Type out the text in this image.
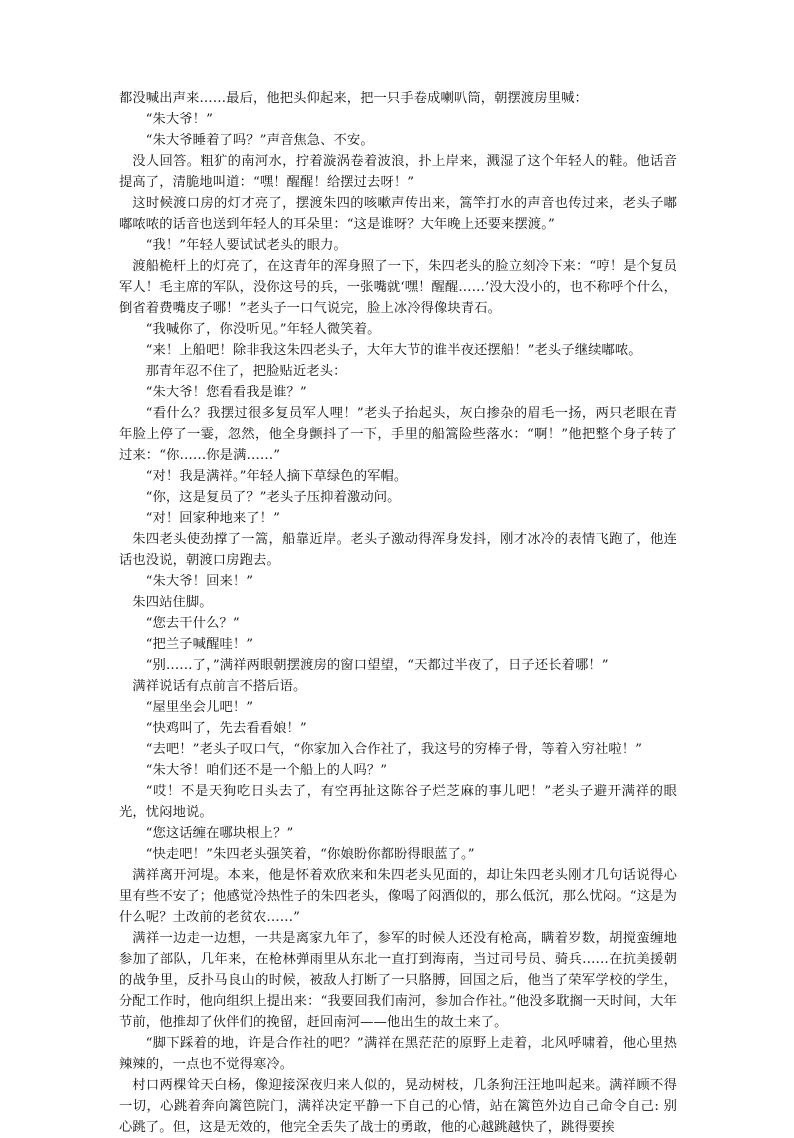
都没喊出声来……最后，他把头仰起来，把一只手卷成喇叭筒，朝摆渡房里喊：

“朱大爷！”

“朱大爷睡着了吗？”声音焦急、不安。

没人回答。粗犷的南河水，拧着漩涡卷着波浪，扑上岸来，溅湿了这个年轻人的鞋。他话音提高了，清脆地叫道：“嘿！醒醒！给摆过去呀！”

这时候渡口房的灯才亮了，摆渡朱四的咳嗽声传出来，篙竿打水的声音也传过来，老头子嘟嘟哝哝的话音也送到年轻人的耳朵里：“这是谁呀？大年晚上还要来摆渡。”

“我！”年轻人要试试老头的眼力。

渡船桅杆上的灯亮了，在这青年的浑身照了一下，朱四老头的脸立刻冷下来：“哼！是个复员军人！毛主席的军队，没你这号的兵，一张嘴就‘嘿！醒醒……’没大没小的，也不称呼个什么，倒省着费嘴皮子哪！”老头子一口气说完，脸上冰冷得像块青石。

“我喊你了，你没听见。”年轻人微笑着。

“来！上船吧！除非我这朱四老头子，大年大节的谁半夜还摆船！”老头子继续嘟哝。

那青年忍不住了，把脸贴近老头：

“朱大爷！您看看我是谁？”

“看什么？我摆过很多复员军人哩！”老头子抬起头，灰白掺杂的眉毛一扬，两只老眼在青年脸上停了一霎，忽然，他全身颤抖了一下，手里的船篙险些落水：“啊！”他把整个身子转了过来：“你……你是满……”

“对！我是满祥。”年轻人摘下草绿色的军帽。

“你，这是复员了？”老头子压抑着激动问。

“对！回家种地来了！”

朱四老头使劲撑了一篙，船靠近岸。老头子激动得浑身发抖，刚才冰冷的表情飞跑了，他连话也没说，朝渡口房跑去。

“朱大爷！回来！”

朱四站住脚。

“您去干什么？”

“把兰子喊醒哇！”

“别……了，”满祥两眼朝摆渡房的窗口望望，“天都过半夜了，日子还长着哪！”

满祥说话有点前言不搭后语。

“屋里坐会儿吧！”

“快鸡叫了，先去看看娘！”

“去吧！”老头子叹口气，“你家加入合作社了，我这号的穷棒子骨，等着入穷社啦！”

“朱大爷！咱们还不是一个船上的人吗？”

“哎！不是天狗吃日头去了，有空再扯这陈谷子烂芝麻的事儿吧！”老头子避开满祥的眼光，忧闷地说。

“您这话缠在哪块根上？”

“快走吧！”朱四老头强笑着，“你娘盼你都盼得眼蓝了。”

满祥离开河堤。本来，他是怀着欢欣来和朱四老头见面的，却让朱四老头刚才几句话说得心里有些不安了；他感觉冷热性子的朱四老头，像喝了闷酒似的，那么低沉，那么忧闷。“这是为什么呢？土改前的老贫农……”

满祥一边走一边想，一共是离家九年了，参军的时候人还没有枪高，瞒着岁数，胡搅蛮缠地参加了部队，几年来，在枪林弹雨里从东北一直打到海南，当过司号员、骑兵……在抗美援朝的战争里，反扑马良山的时候，被敌人打断了一只胳膊，回国之后，他当了荣军学校的学生，分配工作时，他向组织上提出来：“我要回我们南河，参加合作社。”他没多耽搁一天时间，大年节前，他推却了伙伴们的挽留，赶回南河——他出生的故土来了。

“脚下踩着的地，许是合作社的吧？”满祥在黑茫茫的原野上走着，北风呼啸着，他心里热辣辣的，一点也不觉得寒冷。

村口两棵耸天白杨，像迎接深夜归来人似的，晃动树枝，几条狗汪汪地叫起来。满祥顾不得一切，心跳着奔向篱笆院门，满祥决定平静一下自己的心情，站在篱笆外边自己命令自己: 别心跳了。但，这是无效的，他完全丢失了战士的勇敢，他的心越跳越快了，跳得要挨
